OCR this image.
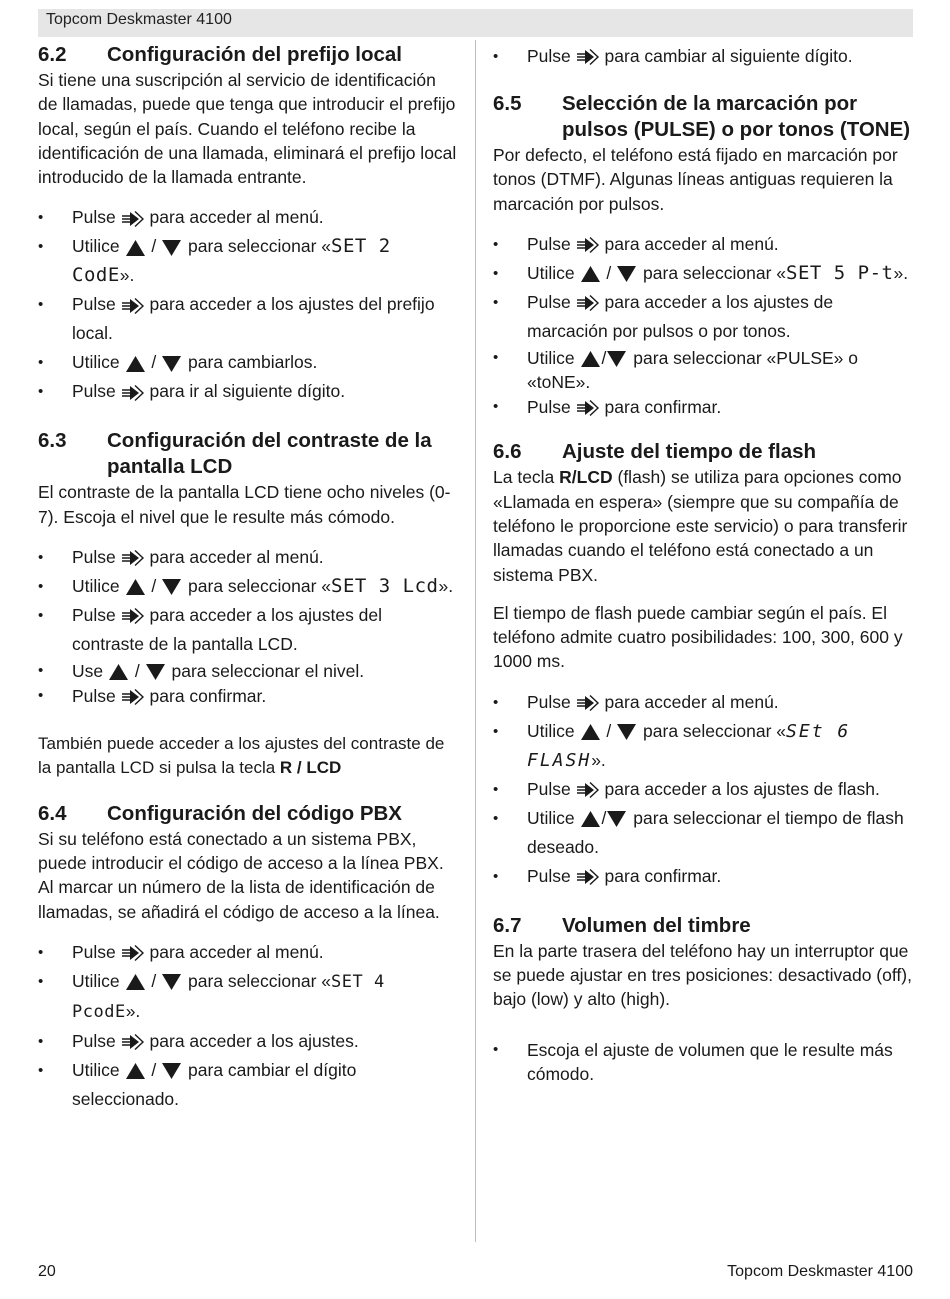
Topcom Deskmaster 4100
6.2	Configuración del prefijo local

Si tiene una suscripción al servicio de identificación de llamadas, puede que tenga que introducir el prefijo local, según el país. Cuando el teléfono recibe la identificación de una llamada, eliminará el prefijo local introducido de la llamada entrante.

• Pulse para acceder al menú.
• Utilice / para seleccionar «SET 2 CodE».
• Pulse para acceder a los ajustes del prefijo local.
• Utilice / para cambiarlos.
• Pulse para ir al siguiente dígito.
6.3	Configuración del contraste de la pantalla LCD

El contraste de la pantalla LCD tiene ocho niveles (0-7). Escoja el nivel que le resulte más cómodo.

• Pulse para acceder al menú.
• Utilice / para seleccionar «SET 3 Lcd».
• Pulse para acceder a los ajustes del contraste de la pantalla LCD.
• Use / para seleccionar el nivel.
• Pulse para confirmar.

También puede acceder a los ajustes del contraste de la pantalla LCD si pulsa la tecla R / LCD

6.4	Configuración del código PBX

Si su teléfono está conectado a un sistema PBX, puede introducir el código de acceso a la línea PBX.

Al marcar un número de la lista de identificación de llamadas, se añadirá el código de acceso a la línea.

• Pulse para acceder al menú.
• Utilice / para seleccionar «SET 4 PcodE».
• Pulse para acceder a los ajustes.
• Utilice / para cambiar el dígito seleccionado.
• Pulse para cambiar al siguiente dígito.
6.5	Selección de la marcación por pulsos (PULSE) o por tonos (TONE)

Por defecto, el teléfono está fijado en marcación por tonos (DTMF). Algunas líneas antiguas requieren la marcación por pulsos.

• Pulse para acceder al menú.
• Utilice / para seleccionar «SET 5 P-t».
• Pulse para acceder a los ajustes de marcación por pulsos o por tonos.
• Utilice / para seleccionar «PULSE» o «toNE».
• Pulse para confirmar.
6.6	Ajuste del tiempo de flash

La tecla R/LCD (flash) se utiliza para opciones como «Llamada en espera» (siempre que su compañía de teléfono le proporcione este servicio) o para transferir llamadas cuando el teléfono está conectado a un sistema PBX.

El tiempo de flash puede cambiar según el país. El teléfono admite cuatro posibilidades: 100, 300, 600 y 1000 ms.

• Pulse para acceder al menú.
• Utilice / para seleccionar «SEt 6 FLASH».
• Pulse para acceder a los ajustes de flash.
• Utilice / para seleccionar el tiempo de flash deseado.
• Pulse para confirmar.
6.7	Volumen del timbre

En la parte trasera del teléfono hay un interruptor que se puede ajustar en tres posiciones: desactivado (off), bajo (low) y alto (high).

• Escoja el ajuste de volumen que le resulte más cómodo.
20	Topcom Deskmaster 4100
